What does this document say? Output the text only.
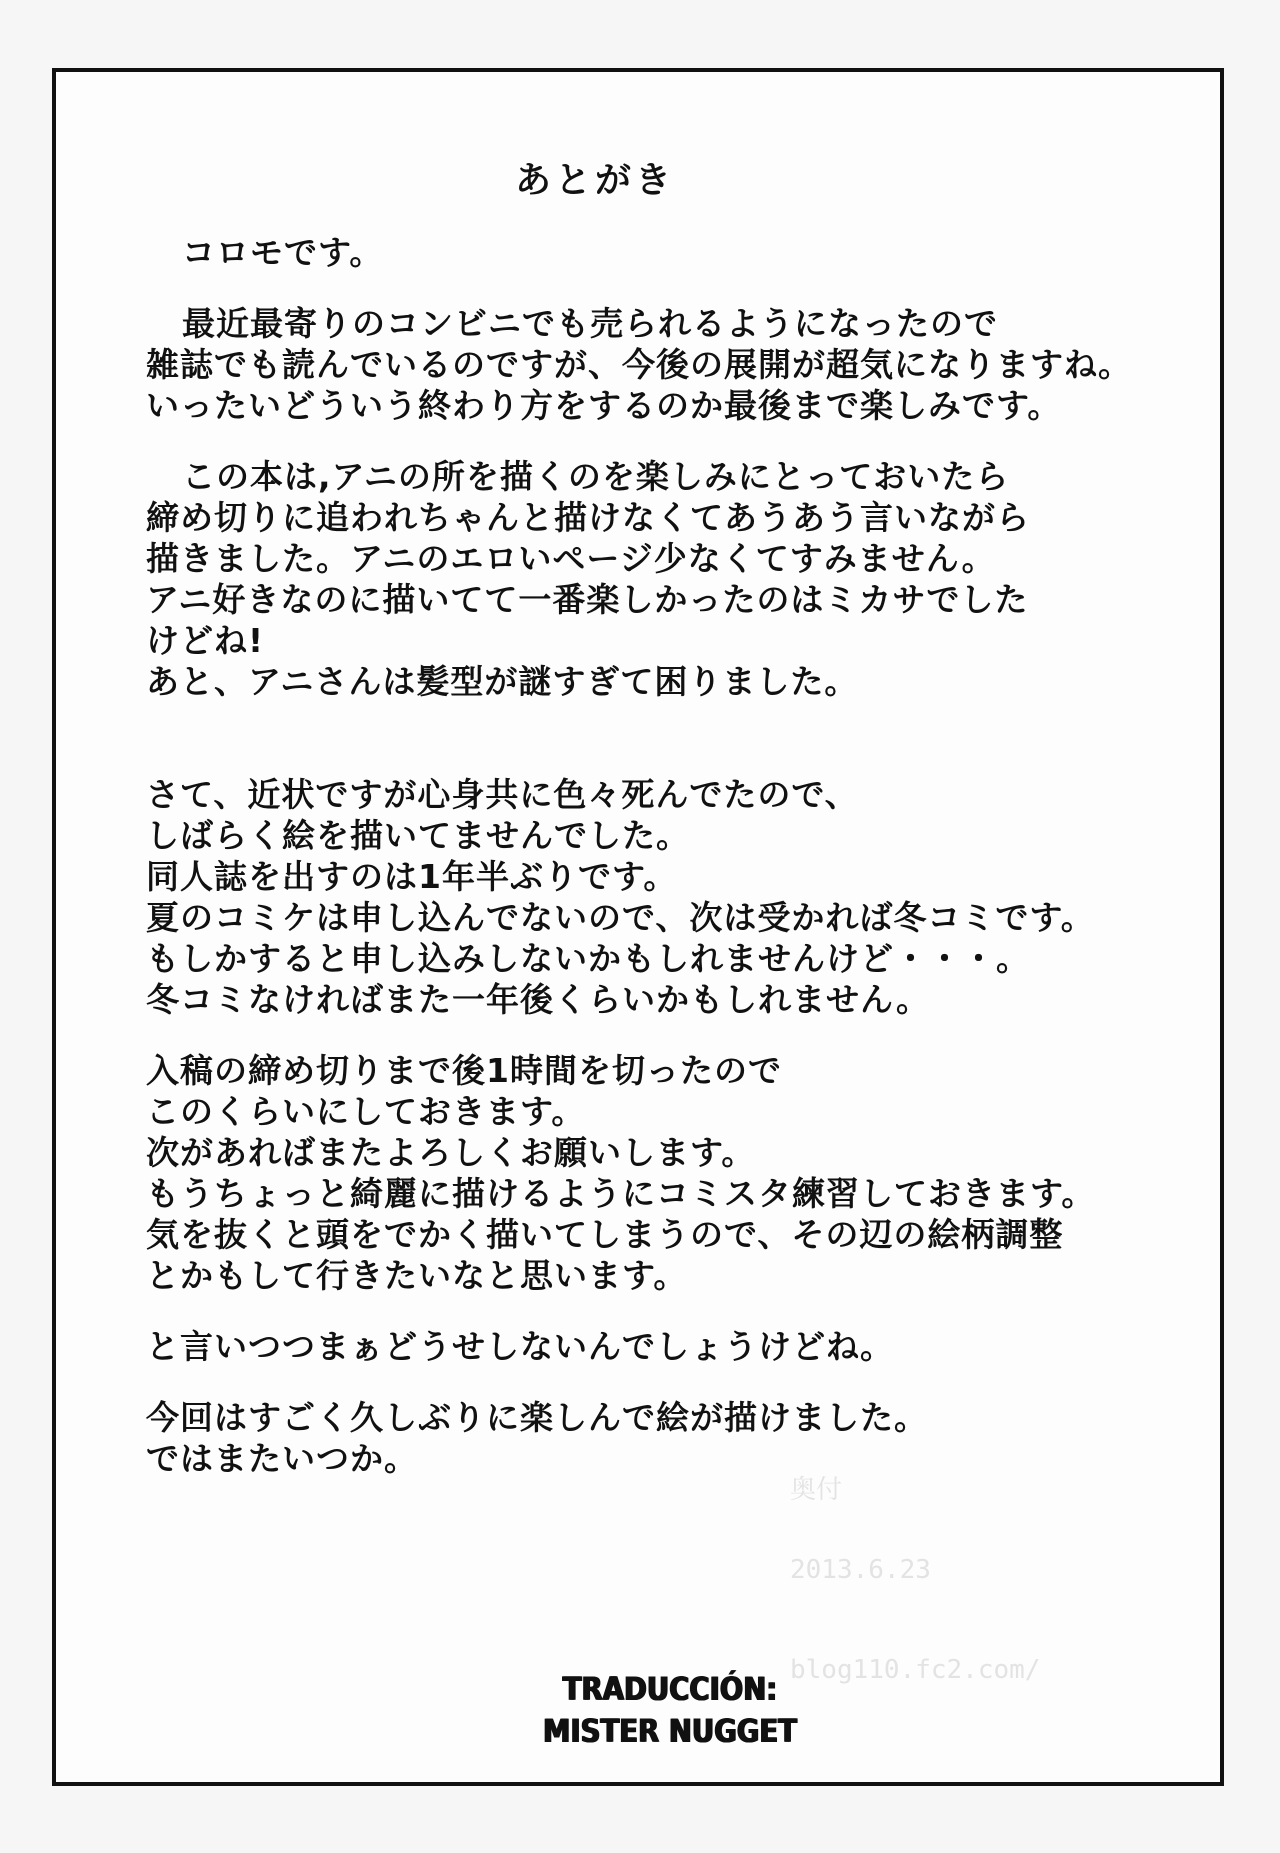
あとがき
コロモです。
最近最寄りのコンビニでも売られるようになったので
雑誌でも読んでいるのですが、今後の展開が超気になりますね。
いったいどういう終わり方をするのか最後まで楽しみです。
この本は,アニの所を描くのを楽しみにとっておいたら
締め切りに追われちゃんと描けなくてあうあう言いながら
描きました。アニのエロいページ少なくてすみません。
アニ好きなのに描いてて一番楽しかったのはミカサでした
けどね!
あと、アニさんは髪型が謎すぎて困りました。
さて、近状ですが心身共に色々死んでたので、
しばらく絵を描いてませんでした。
同人誌を出すのは1年半ぶりです。
夏のコミケは申し込んでないので、次は受かれば冬コミです。
もしかすると申し込みしないかもしれませんけど・・・。
冬コミなければまた一年後くらいかもしれません。
入稿の締め切りまで後1時間を切ったので
このくらいにしておきます。
次があればまたよろしくお願いします。
もうちょっと綺麗に描けるようにコミスタ練習しておきます。
気を抜くと頭をでかく描いてしまうので、その辺の絵柄調整
とかもして行きたいなと思います。
と言いつつまぁどうせしないんでしょうけどね。
今回はすごく久しぶりに楽しんで絵が描けました。
ではまたいつか。
奥付
2013.6.23
blog110.fc2.com/
TRADUCCIÓN:
MISTER NUGGET
